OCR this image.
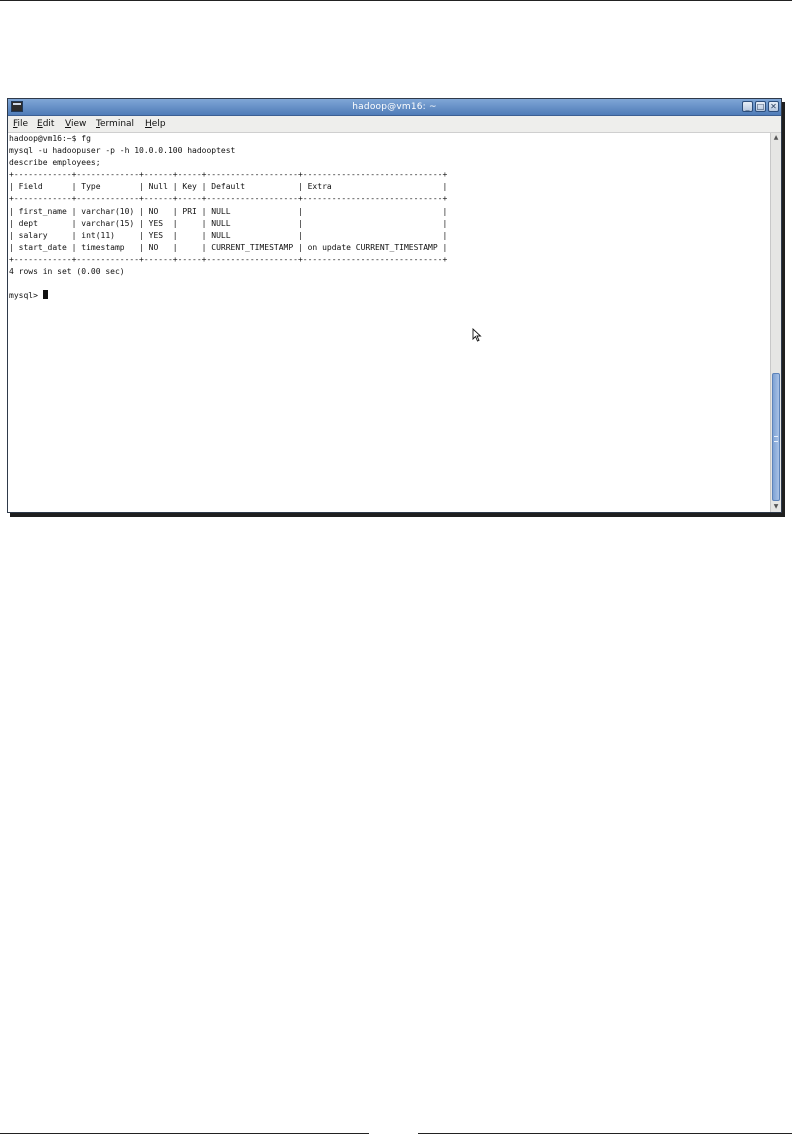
hadoop@vm16: ~	_ □ ✕
File Edit View Terminal Help
hadoop@vm16:~$ fg
mysql -u hadoopuser -p -h 10.0.0.100 hadooptest
describe employees;
+------------+-------------+------+-----+-------------------+-----------------------------+
| Field      | Type        | Null | Key | Default           | Extra                       |
+------------+-------------+------+-----+-------------------+-----------------------------+
| first_name | varchar(10) | NO   | PRI | NULL              |                             |
| dept       | varchar(15) | YES  |     | NULL              |                             |
| salary     | int(11)     | YES  |     | NULL              |                             |
| start_date | timestamp   | NO   |     | CURRENT_TIMESTAMP | on update CURRENT_TIMESTAMP |
+------------+-------------+------+-----+-------------------+-----------------------------+
4 rows in set (0.00 sec)

mysql>
▲
▼
